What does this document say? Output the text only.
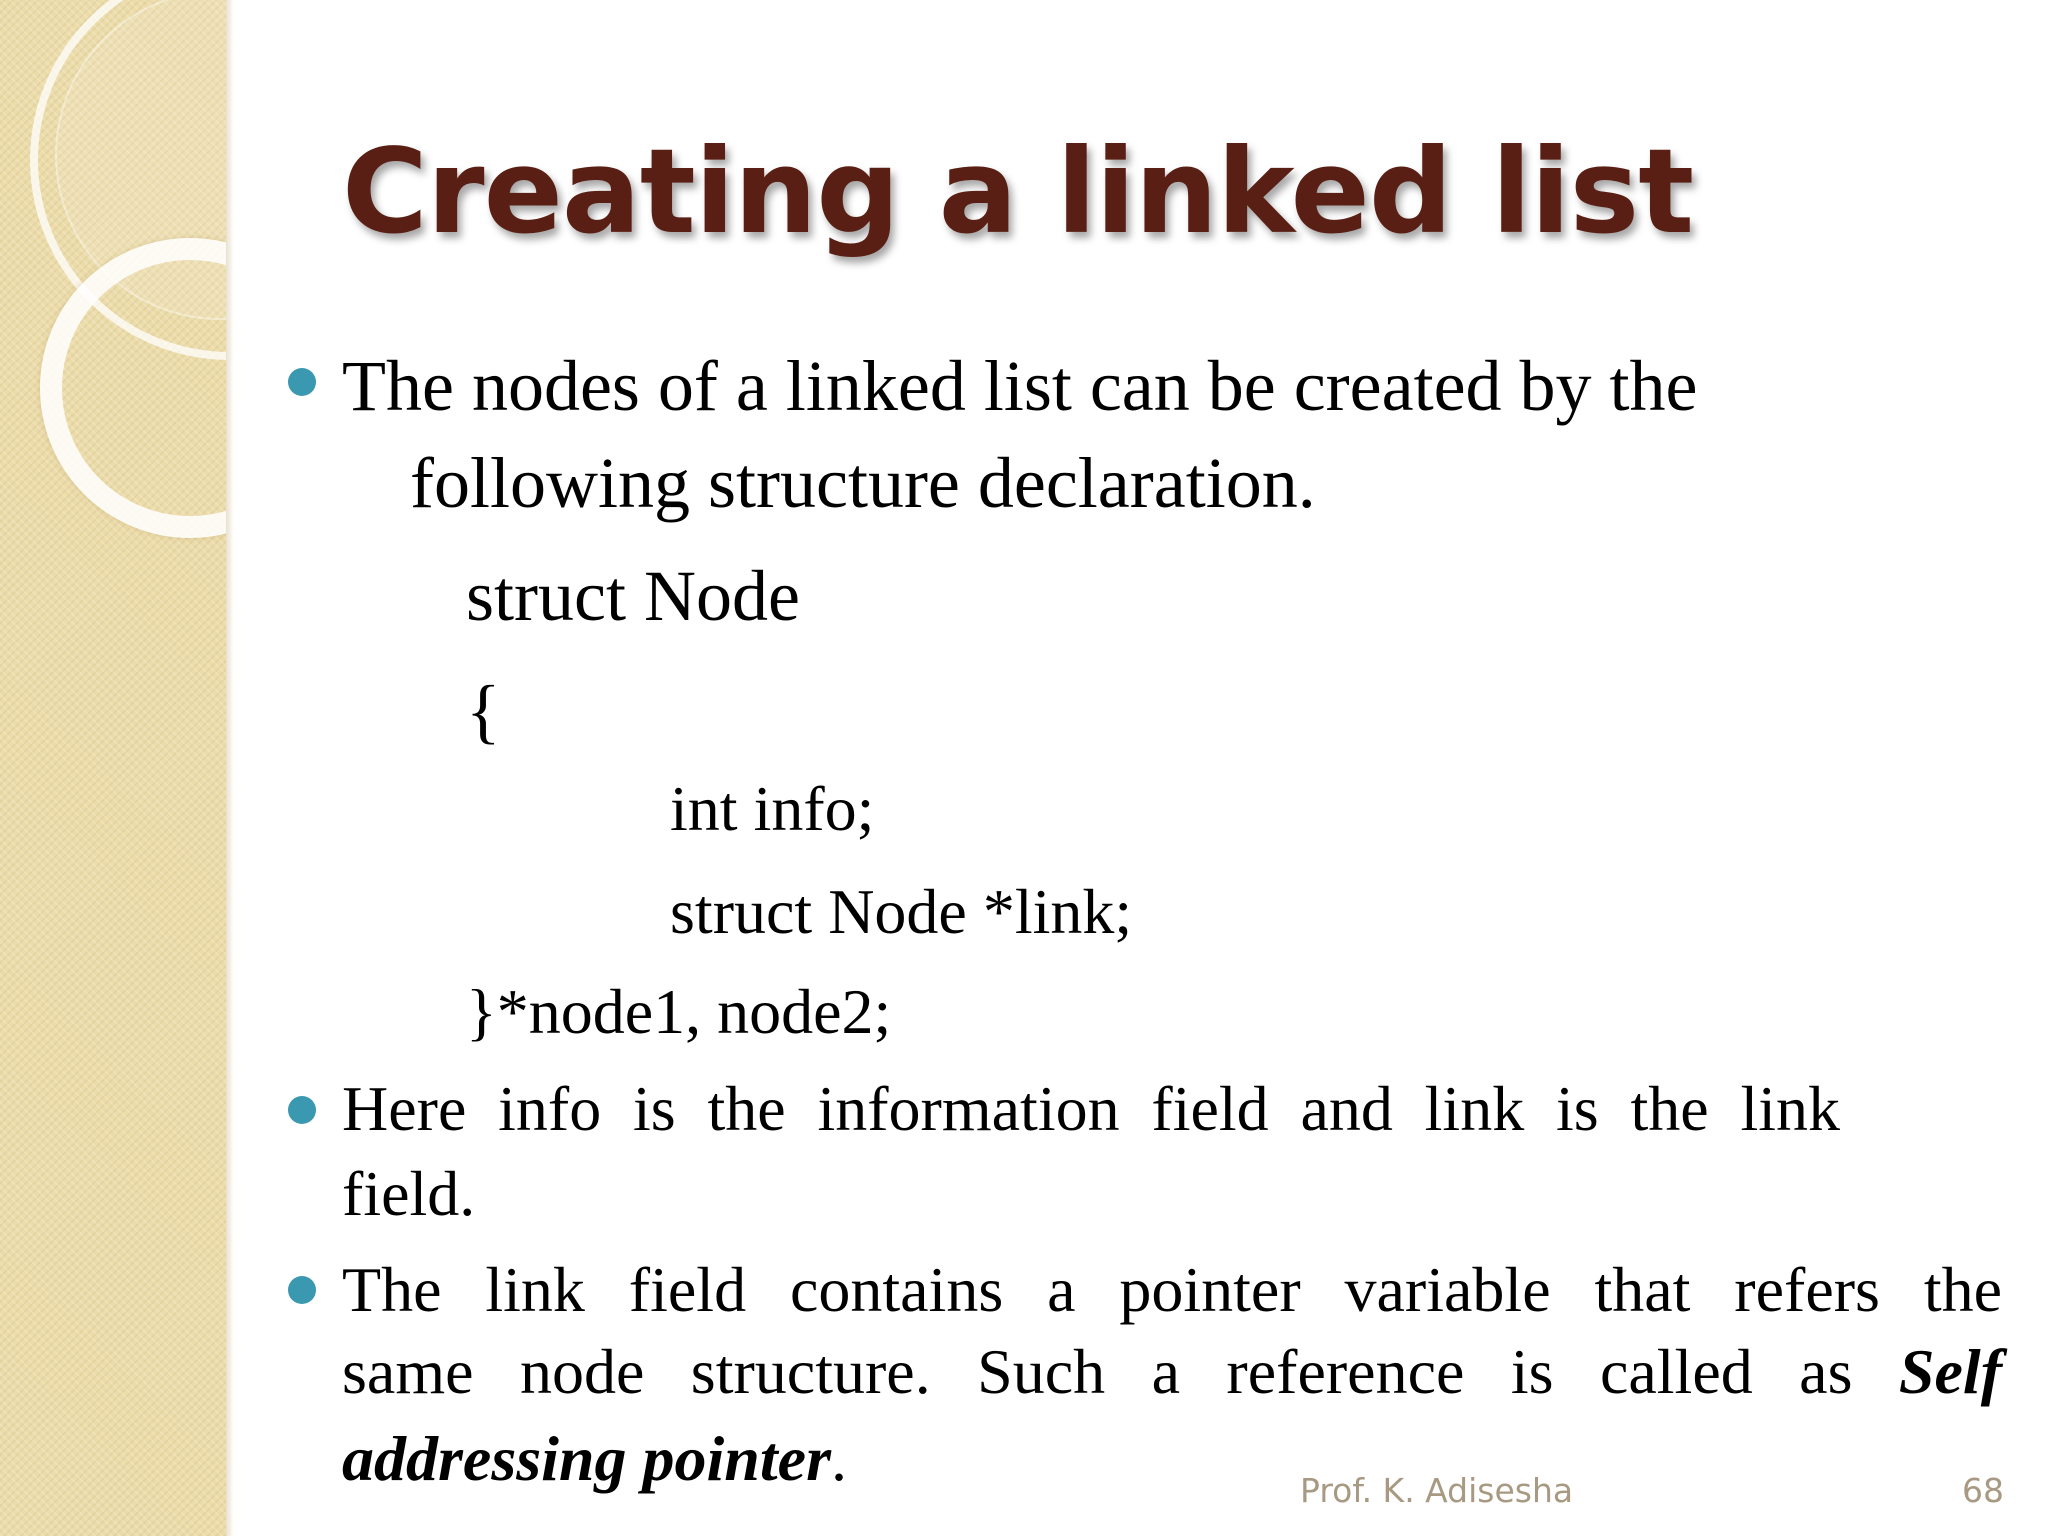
Creating a linked list
The nodes of a linked list can be created by the
following structure declaration.
struct Node
{
int info;
struct Node *link;
}*node1, node2;
Here info is the information field and link is the link
field.
The link field contains a pointer variable that refers the
same node structure. Such a reference is called as Self
addressing pointer.	Prof. K. Adisesha	68
